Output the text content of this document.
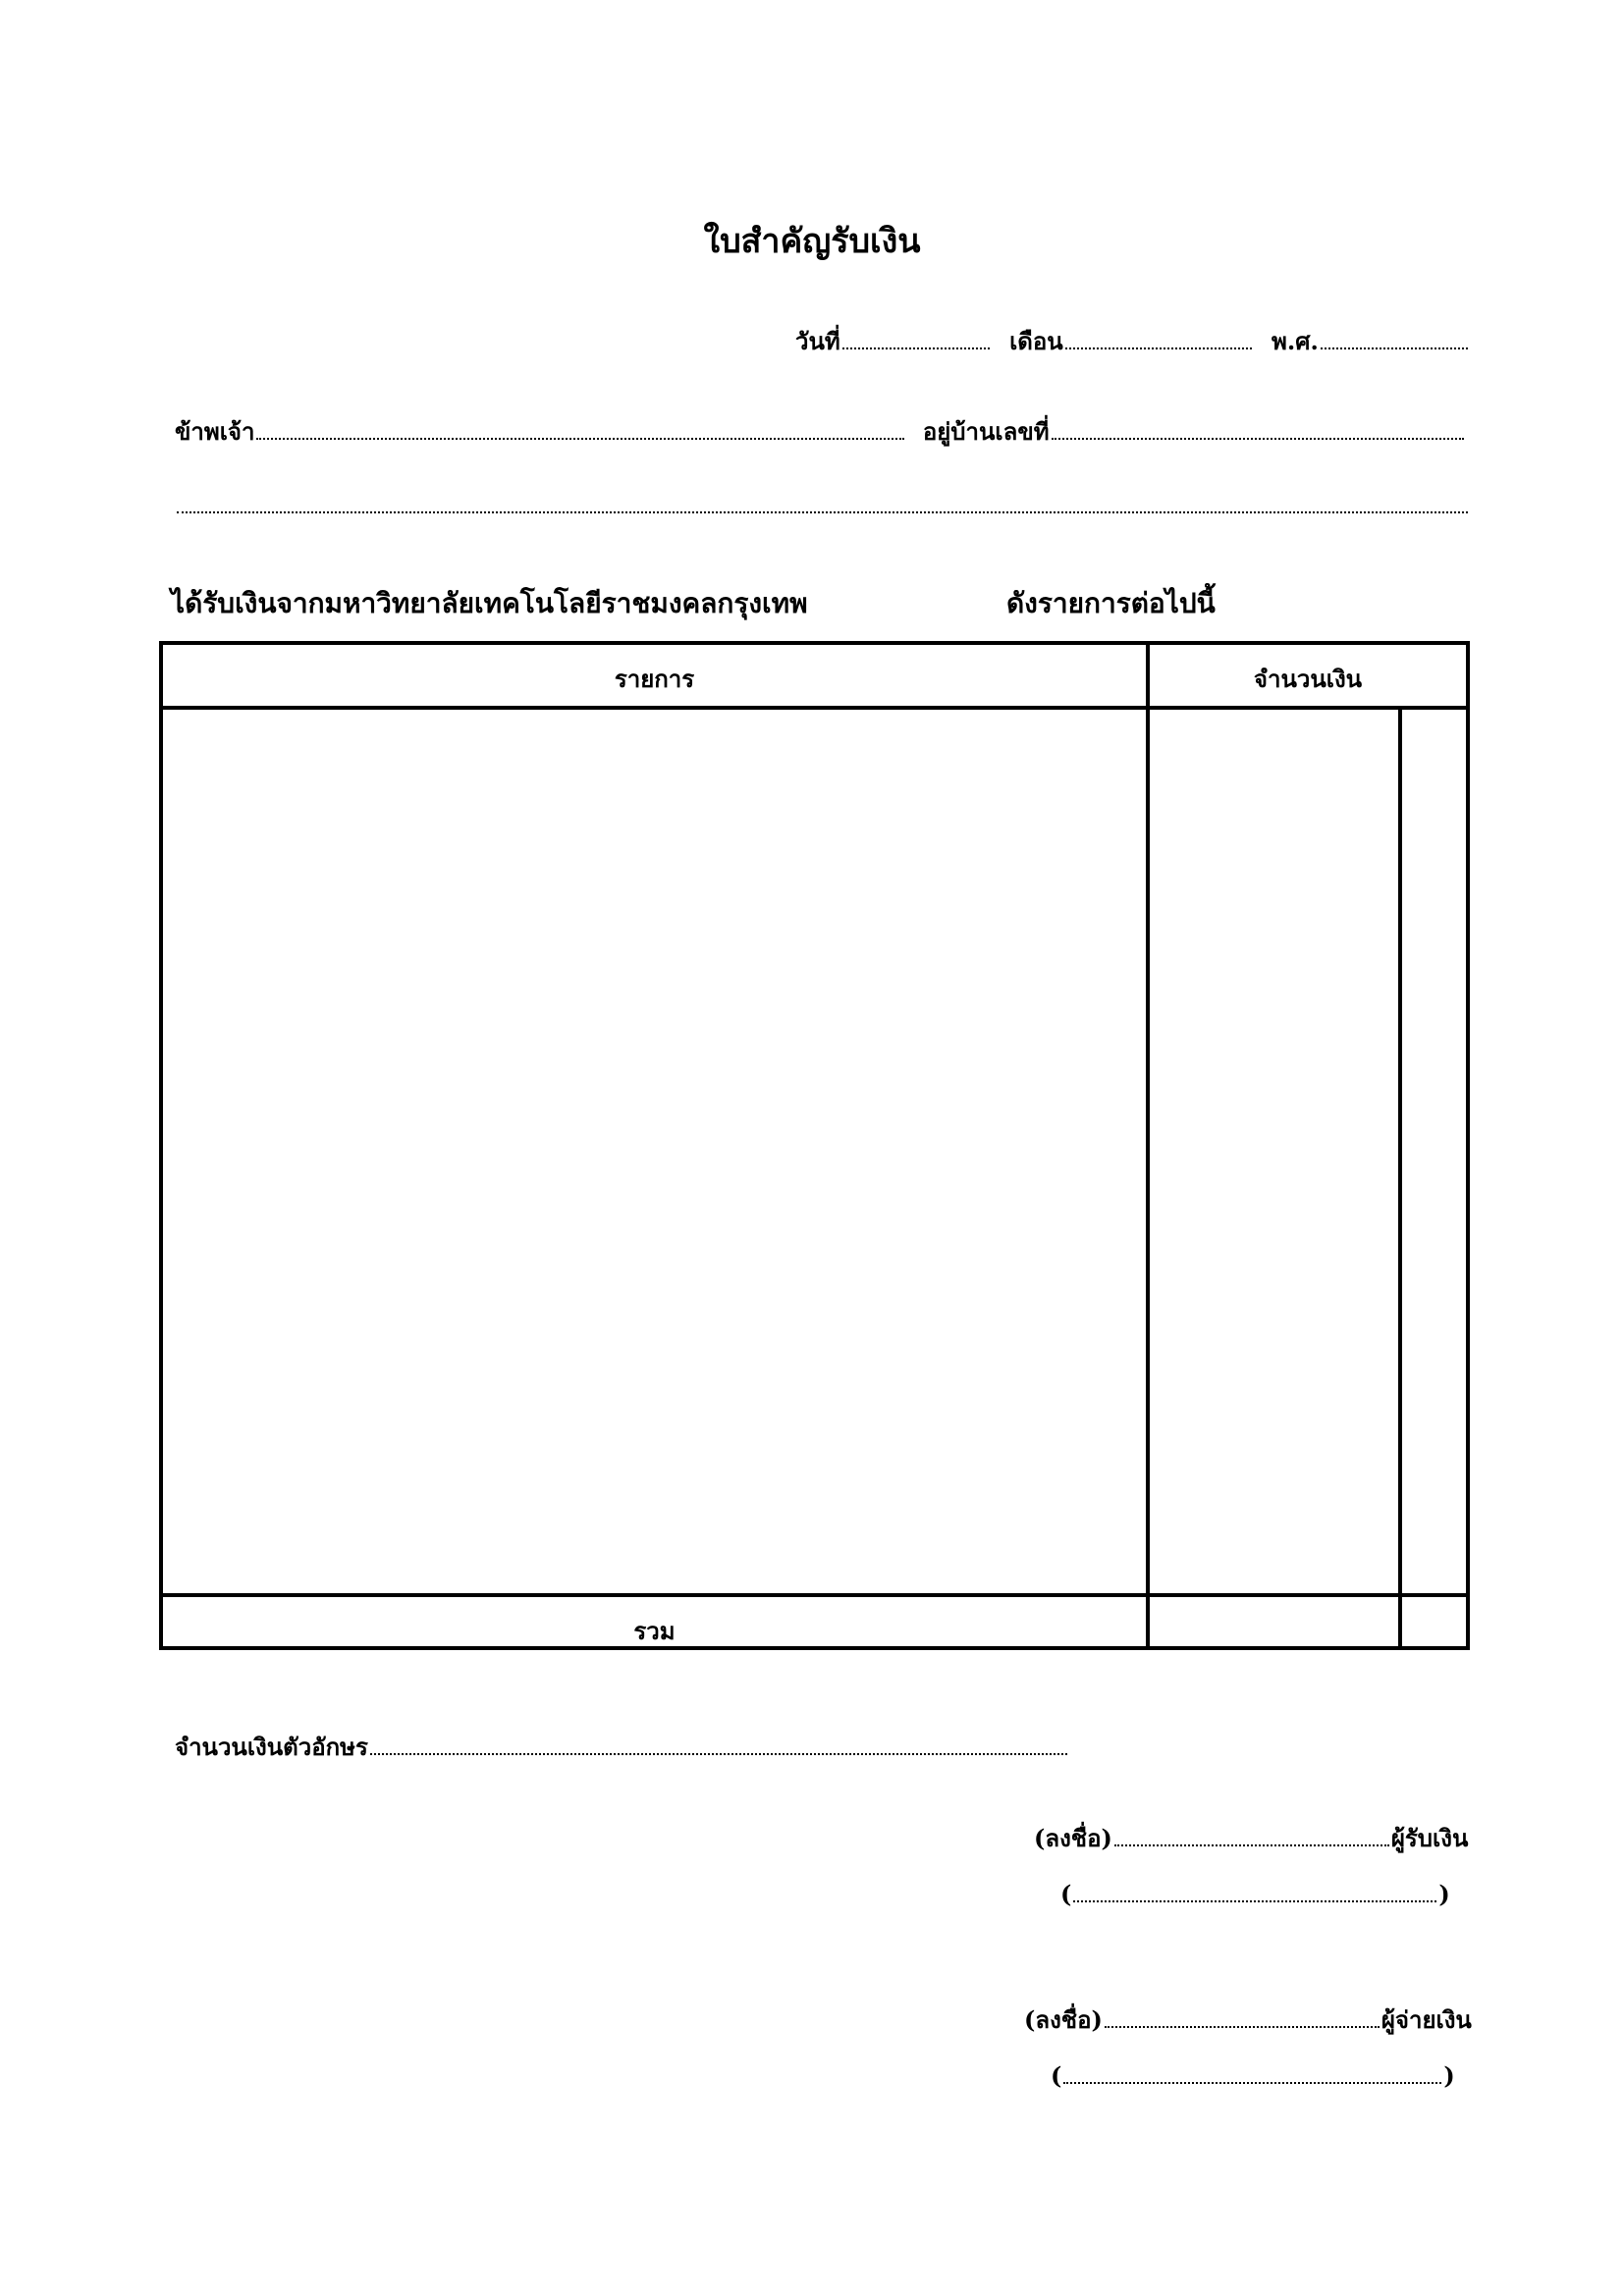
ใบสำคัญรับเงิน
วันที่	เดือน	พ.ศ.
ข้าพเจ้า	อยู่บ้านเลขที่
ได้รับเงินจากมหาวิทยาลัยเทคโนโลยีราชมงคลกรุงเทพ	ดังรายการต่อไปนี้
รายการ	จำนวนเงิน
รวม
จำนวนเงินตัวอักษร
(ลงชื่อ)	ผู้รับเงิน
(	)
(ลงชื่อ)	ผู้จ่ายเงิน
(	)
